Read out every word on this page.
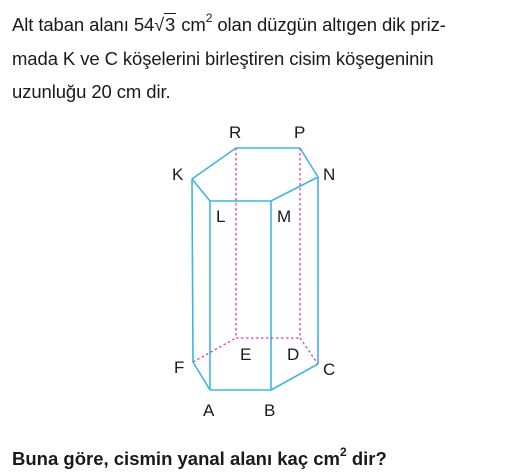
Alt taban alanı 54√3 $cm^2$ olan düzgün altıgen dik priz-
mada K ve C köşelerini birleştiren cisim köşegeninin
uzunluğu 20 cm dir.
R	P
K	N
L	M
F
E D
C
A	B
Buna göre, cismin yanal alanı kaç $cm^2$ dir?
